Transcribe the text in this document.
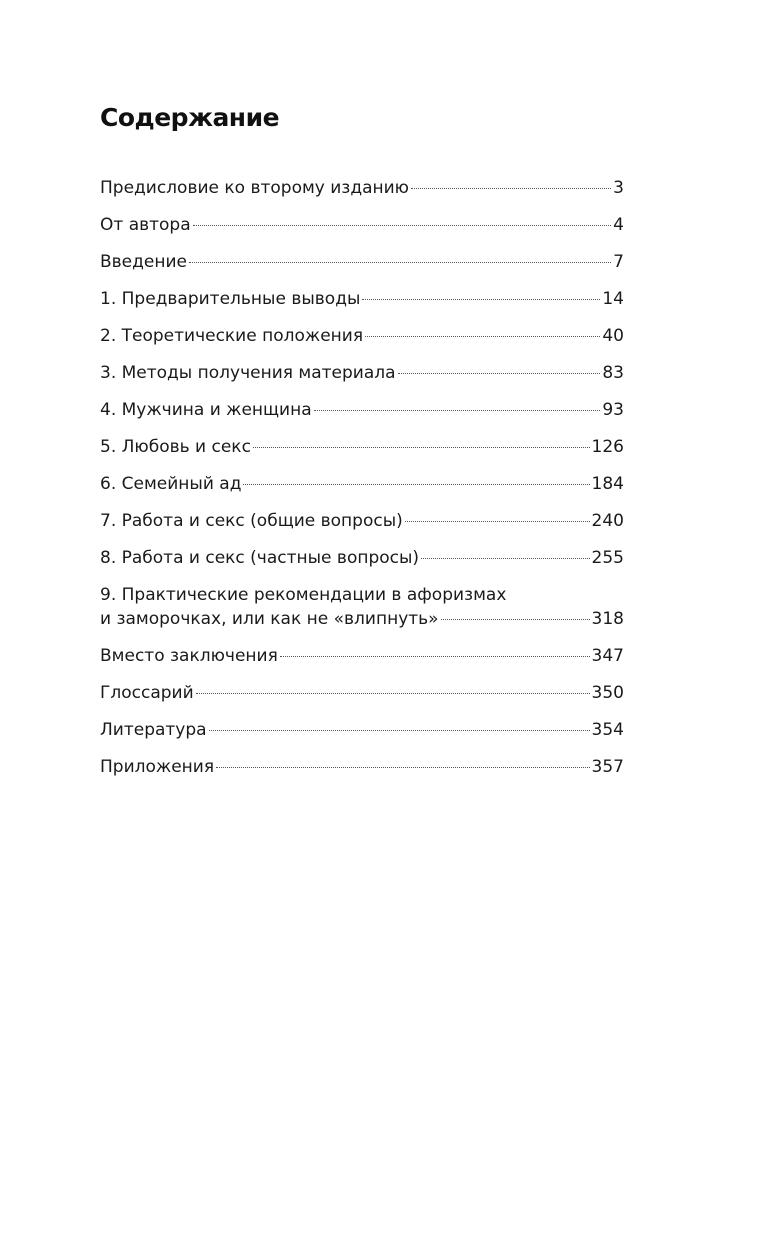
Содержание
Предисловие ко второму изданию	3
От автора	4
Введение	7
1. Предварительные выводы	14
2. Теоретические положения	40
3. Методы получения материала	83
4. Мужчина и женщина	93
5. Любовь и секс	126
6. Семейный ад	184
7. Работа и секс (общие вопросы)	240
8. Работа и секс (частные вопросы)	255
9. Практические рекомендации в афоризмах
и заморочках, или как не «влипнуть»	318
Вместо заключения	347
Глоссарий	350
Литература	354
Приложения	357
